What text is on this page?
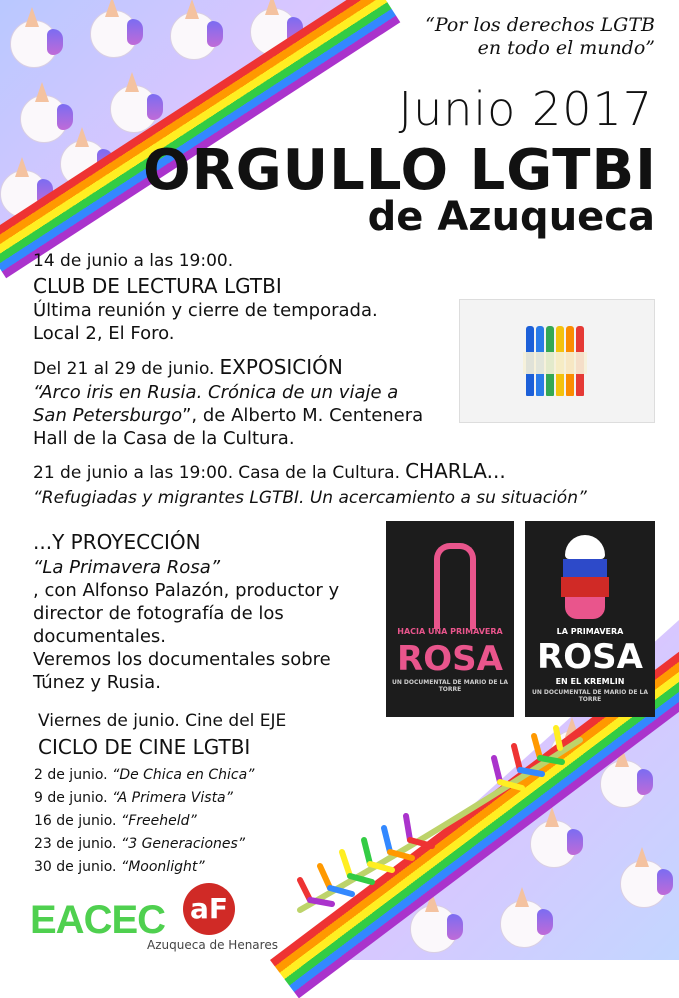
“Por los derechos LGTB
en todo el mundo”
Junio 2017
ORGULLO LGTBI
de Azuqueca
14 de junio a las 19:00.
CLUB DE LECTURA LGTBI
Última reunión y cierre de temporada.
Local 2, El Foro.
Del 21 al 29 de junio. EXPOSICIÓN
“Arco iris en Rusia. Crónica de un viaje a
San Petersburgo”, de Alberto M. Centenera
Hall de la Casa de la Cultura.
21 de junio a las 19:00. Casa de la Cultura. CHARLA...
“Refugiadas y migrantes LGTBI. Un acercamiento a su situación”
...Y PROYECCIÓN
“La Primavera Rosa”
, con Alfonso Palazón, productor y
director de fotografía de los
documentales.
Veremos los documentales sobre
Túnez y Rusia.
HACIA UNA PRIMAVERA
ROSA
UN DOCUMENTAL DE MARIO DE LA TORRE
LA PRIMAVERA
ROSA
EN EL KREMLIN
UN DOCUMENTAL DE MARIO DE LA TORRE
Viernes de junio. Cine del EJE
CICLO DE CINE LGTBI
2 de junio. “De Chica en Chica”
9 de junio. “A Primera Vista”
16 de junio. “Freeheld”
23 de junio. “3 Generaciones”
30 de junio. “Moonlight”
EACEC aF
Azuqueca de Henares
